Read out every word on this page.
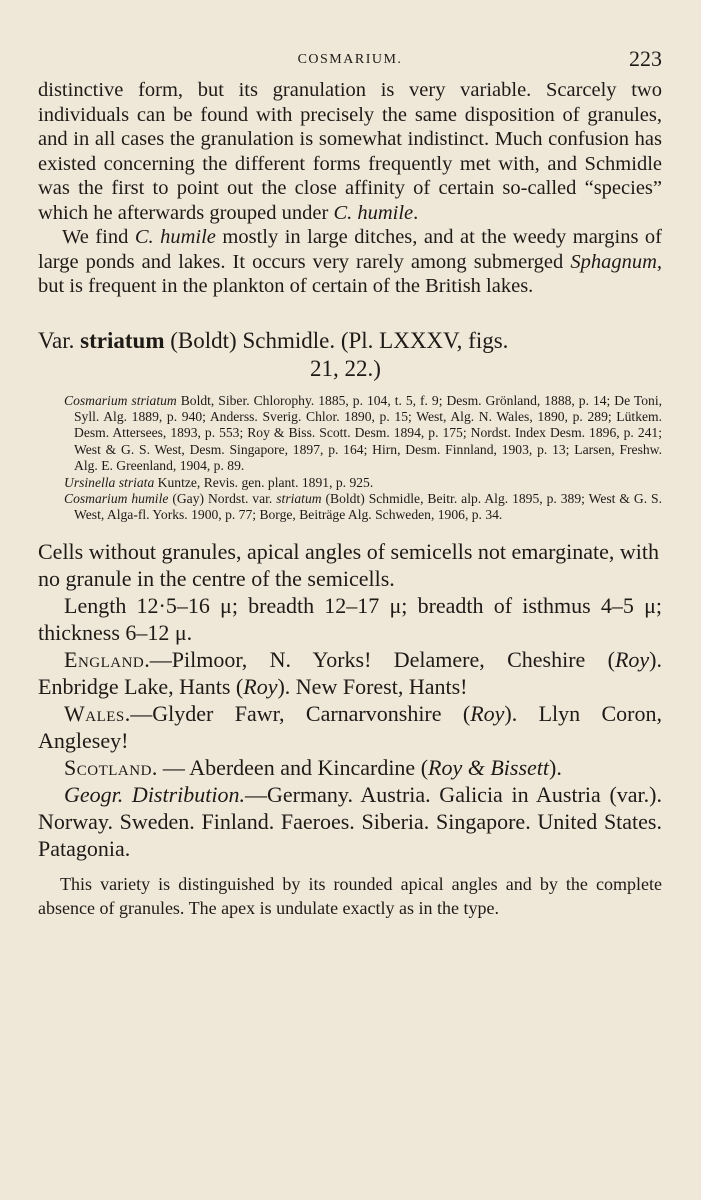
COSMARIUM.	223

distinctive form, but its granulation is very variable. Scarcely two individuals can be found with precisely the same disposition of granules, and in all cases the granulation is somewhat indistinct. Much confusion has existed concerning the different forms frequently met with, and Schmidle was the first to point out the close affinity of certain so-called “species” which he afterwards grouped under C. humile.

We find C. humile mostly in large ditches, and at the weedy margins of large ponds and lakes. It occurs very rarely among submerged Sphagnum, but is frequent in the plankton of certain of the British lakes.

Var. striatum (Boldt) Schmidle. (Pl. LXXXV, figs.
21, 22.)

Cosmarium striatum Boldt, Siber. Chlorophy. 1885, p. 104, t. 5, f. 9; Desm. Grönland, 1888, p. 14; De Toni, Syll. Alg. 1889, p. 940; Anderss. Sverig. Chlor. 1890, p. 15; West, Alg. N. Wales, 1890, p. 289; Lütkem. Desm. Attersees, 1893, p. 553; Roy & Biss. Scott. Desm. 1894, p. 175; Nordst. Index Desm. 1896, p. 241; West & G. S. West, Desm. Singapore, 1897, p. 164; Hirn, Desm. Finnland, 1903, p. 13; Larsen, Freshw. Alg. E. Greenland, 1904, p. 89.

Ursinella striata Kuntze, Revis. gen. plant. 1891, p. 925.

Cosmarium humile (Gay) Nordst. var. striatum (Boldt) Schmidle, Beitr. alp. Alg. 1895, p. 389; West & G. S. West, Alga-fl. Yorks. 1900, p. 77; Borge, Beiträge Alg. Schweden, 1906, p. 34.

Cells without granules, apical angles of semicells not emarginate, with no granule in the centre of the semicells.

Length 12·5–16 μ; breadth 12–17 μ; breadth of isthmus 4–5 μ; thickness 6–12 μ.

England.—Pilmoor, N. Yorks! Delamere, Cheshire (Roy). Enbridge Lake, Hants (Roy). New Forest, Hants!

Wales.—Glyder Fawr, Carnarvonshire (Roy). Llyn Coron, Anglesey!

Scotland. — Aberdeen and Kincardine (Roy & Bissett).

Geogr. Distribution.—Germany. Austria. Galicia in Austria (var.). Norway. Sweden. Finland. Faeroes. Siberia. Singapore. United States. Patagonia.

This variety is distinguished by its rounded apical angles and by the complete absence of granules. The apex is undulate exactly as in the type.
